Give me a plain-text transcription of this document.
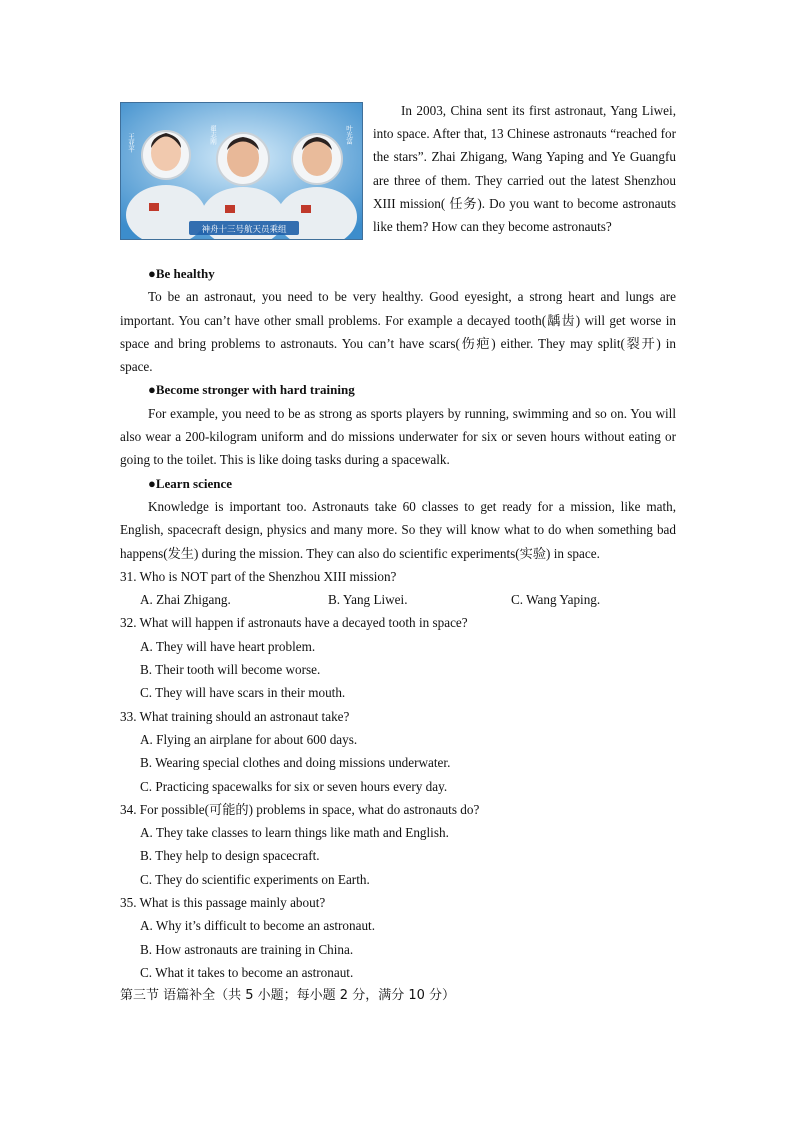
神舟十三号航天员乘组
王亚平	翟志刚	叶光富

In 2003, China sent its first astronaut, Yang Liwei, into space. After that, 13 Chinese astronauts “reached for the stars”. Zhai Zhigang, Wang Yaping and Ye Guangfu are three of them. They carried out the latest Shenzhou XIII mission( 任务). Do you want to become astronauts like them? How can they become astronauts?

●Be healthy

To be an astronaut, you need to be very healthy. Good eyesight, a strong heart and lungs are important. You can’t have other small problems. For example a decayed tooth(龋齿) will get worse in space and bring problems to astronauts. You can’t have scars(伤疤) either. They may split(裂开) in space.

●Become stronger with hard training

For example, you need to be as strong as sports players by running, swimming and so on. You will also wear a 200-kilogram uniform and do missions underwater for six or seven hours without eating or going to the toilet. This is like doing tasks during a spacewalk.

●Learn science

Knowledge is important too. Astronauts take 60 classes to get ready for a mission, like math, English, spacecraft design, physics and many more. So they will know what to do when something bad happens(发生) during the mission. They can also do scientific experiments(实验) in space.

31. Who is NOT part of the Shenzhou XIII mission?

A. Zhai Zhigang.	B. Yang Liwei.	C. Wang Yaping.

32. What will happen if astronauts have a decayed tooth in space?

A. They will have heart problem.

B. Their tooth will become worse.

C. They will have scars in their mouth.

33. What training should an astronaut take?

A. Flying an airplane for about 600 days.

B. Wearing special clothes and doing missions underwater.

C. Practicing spacewalks for six or seven hours every day.

34. For possible(可能的) problems in space, what do astronauts do?

A. They take classes to learn things like math and English.

B. They help to design spacecraft.

C. They do scientific experiments on Earth.

35. What is this passage mainly about?

A. Why it’s difficult to become an astronaut.

B. How astronauts are training in China.

C. What it takes to become an astronaut.

第三节 语篇补全（共 5 小题；每小题 2 分，满分 10 分）
